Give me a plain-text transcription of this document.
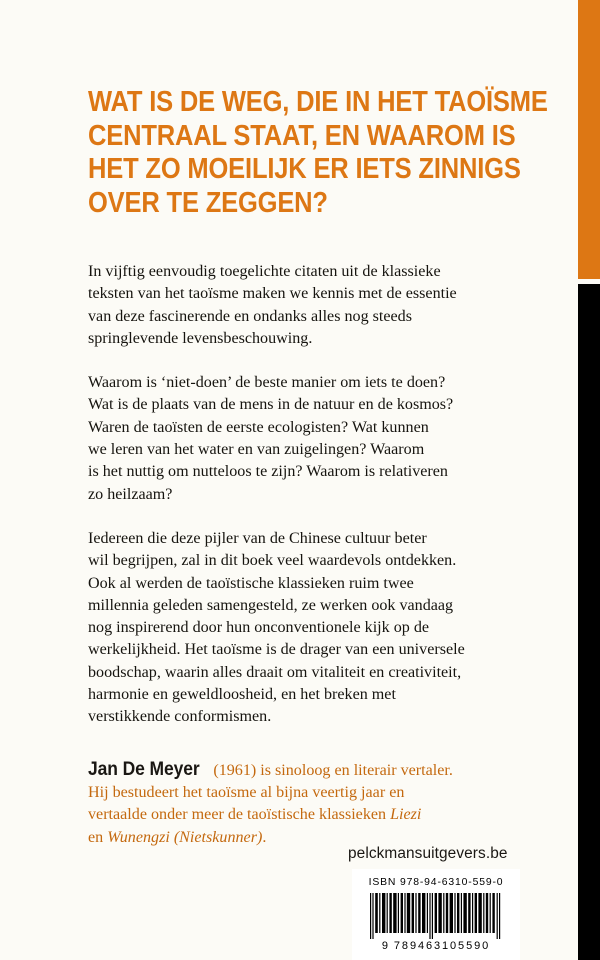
WAT IS DE WEG, DIE IN HET TAOÏSME
CENTRAAL STAAT, EN WAAROM IS
HET ZO MOEILIJK ER IETS ZINNIGS
OVER TE ZEGGEN?

In vijftig eenvoudig toegelichte citaten uit de klassieke
teksten van het taoïsme maken we kennis met de essentie
van deze fascinerende en ondanks alles nog steeds
springlevende levensbeschouwing.

Waarom is ‘niet-doen’ de beste manier om iets te doen?
Wat is de plaats van de mens in de natuur en de kosmos?
Waren de taoïsten de eerste ecologisten? Wat kunnen
we leren van het water en van zuigelingen? Waarom
is het nuttig om nutteloos te zijn? Waarom is relativeren
zo heilzaam?

Iedereen die deze pijler van de Chinese cultuur beter
wil begrijpen, zal in dit boek veel waardevols ontdekken.
Ook al werden de taoïstische klassieken ruim twee
millennia geleden samengesteld, ze werken ook vandaag
nog inspirerend door hun onconventionele kijk op de
werkelijkheid. Het taoïsme is de drager van een universele
boodschap, waarin alles draait om vitaliteit en creativiteit,
harmonie en geweldloosheid, en het breken met
verstikkende conformismen.

Jan De Meyer (1961) is sinoloog en literair vertaler.
Hij bestudeert het taoïsme al bijna veertig jaar en
vertaalde onder meer de taoïstische klassieken Liezi
en Wunengzi (Nietskunner).
pelckmansuitgevers.be
ISBN 978-94-6310-559-0
9 789463105590
